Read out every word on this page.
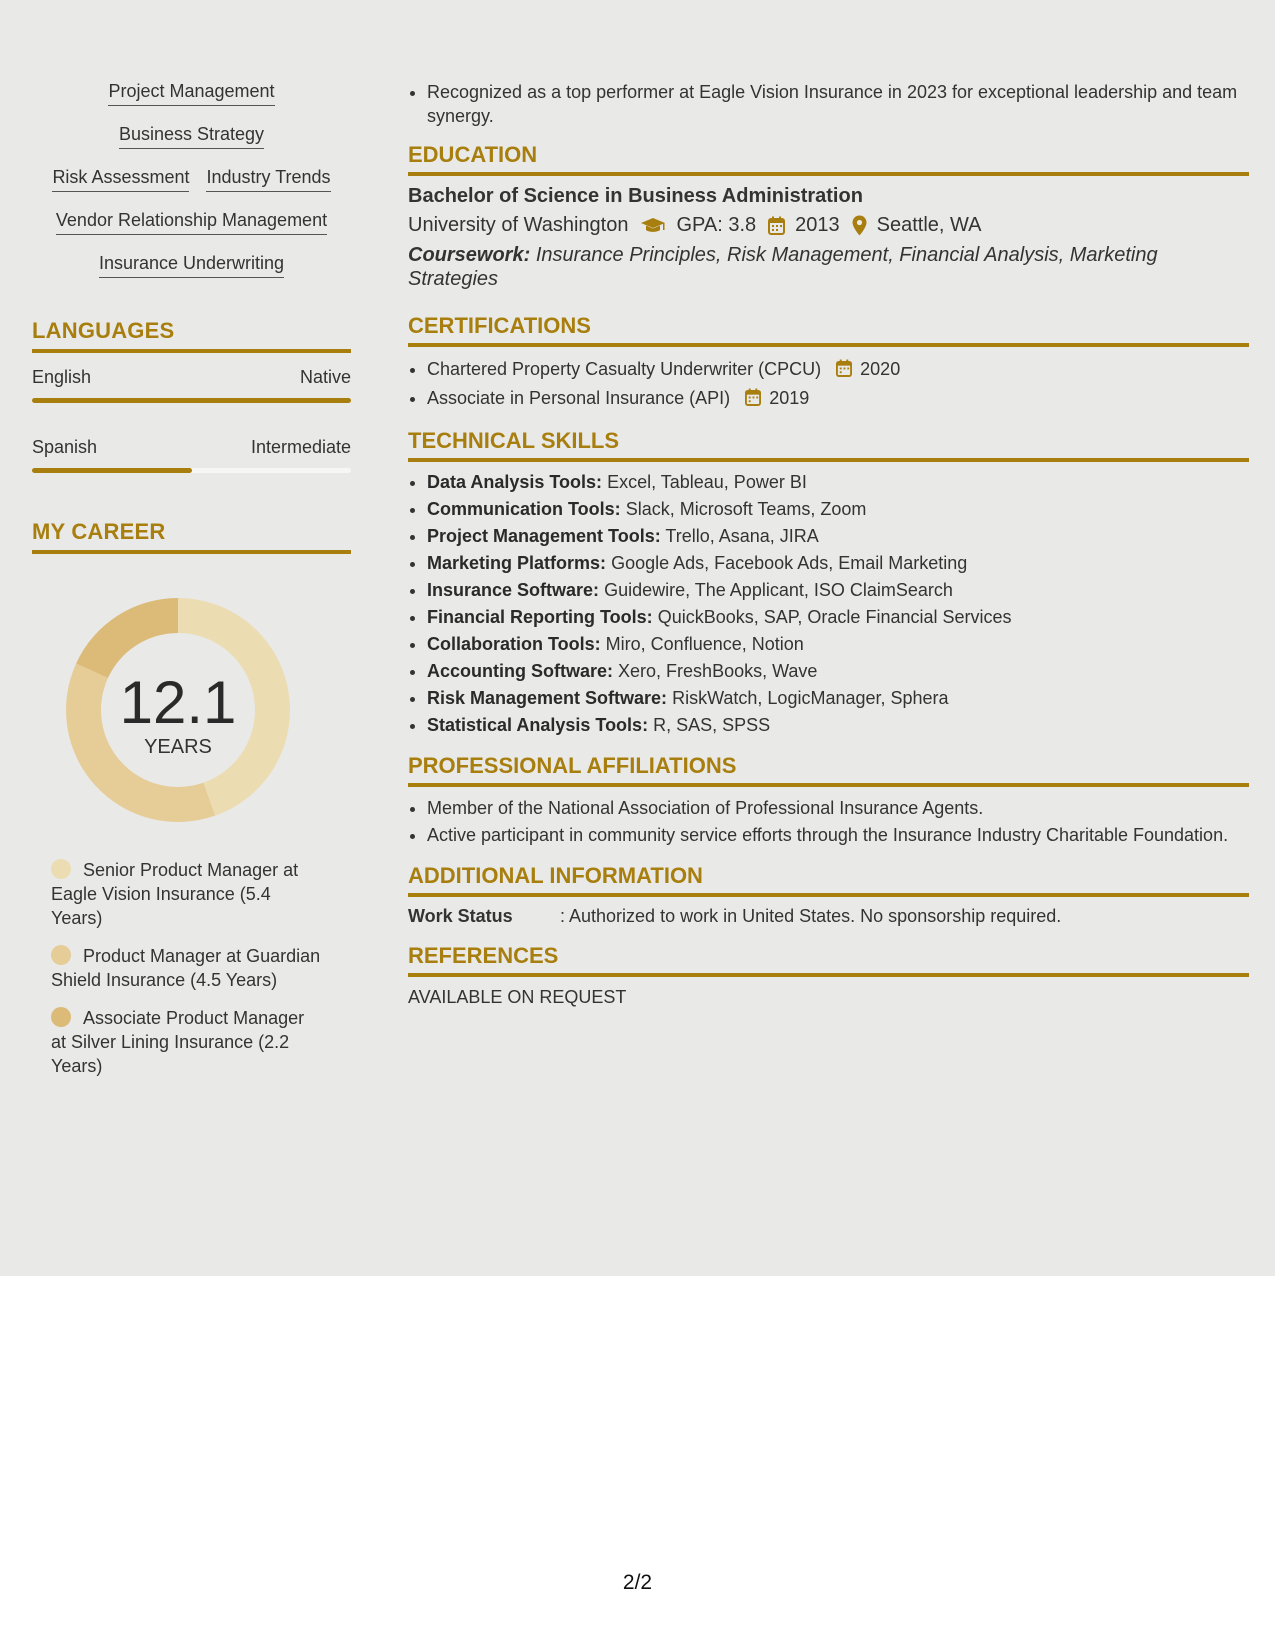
Project Management
Business Strategy
Risk Assessment Industry Trends
Vendor Relationship Management
Insurance Underwriting
LANGUAGES
English	Native
Spanish	Intermediate
MY CAREER
12.1
YEARS
Senior Product Manager at Eagle Vision Insurance (5.4 Years)
Product Manager at Guardian Shield Insurance (4.5 Years)
Associate Product Manager at Silver Lining Insurance (2.2 Years)
• Recognized as a top performer at Eagle Vision Insurance in 2023 for exceptional leadership and team synergy.
EDUCATION
Bachelor of Science in Business Administration
University of Washington GPA: 3.8 2013 Seattle, WA
Coursework: Insurance Principles, Risk Management, Financial Analysis, Marketing Strategies
CERTIFICATIONS
• Chartered Property Casualty Underwriter (CPCU) 2020
• Associate in Personal Insurance (API) 2019
TECHNICAL SKILLS
• Data Analysis Tools: Excel, Tableau, Power BI
• Communication Tools: Slack, Microsoft Teams, Zoom
• Project Management Tools: Trello, Asana, JIRA
• Marketing Platforms: Google Ads, Facebook Ads, Email Marketing
• Insurance Software: Guidewire, The Applicant, ISO ClaimSearch
• Financial Reporting Tools: QuickBooks, SAP, Oracle Financial Services
• Collaboration Tools: Miro, Confluence, Notion
• Accounting Software: Xero, FreshBooks, Wave
• Risk Management Software: RiskWatch, LogicManager, Sphera
• Statistical Analysis Tools: R, SAS, SPSS
PROFESSIONAL AFFILIATIONS
• Member of the National Association of Professional Insurance Agents.
• Active participant in community service efforts through the Insurance Industry Charitable Foundation.
ADDITIONAL INFORMATION
Work Status	: Authorized to work in United States. No sponsorship required.
REFERENCES
AVAILABLE ON REQUEST
2/2
